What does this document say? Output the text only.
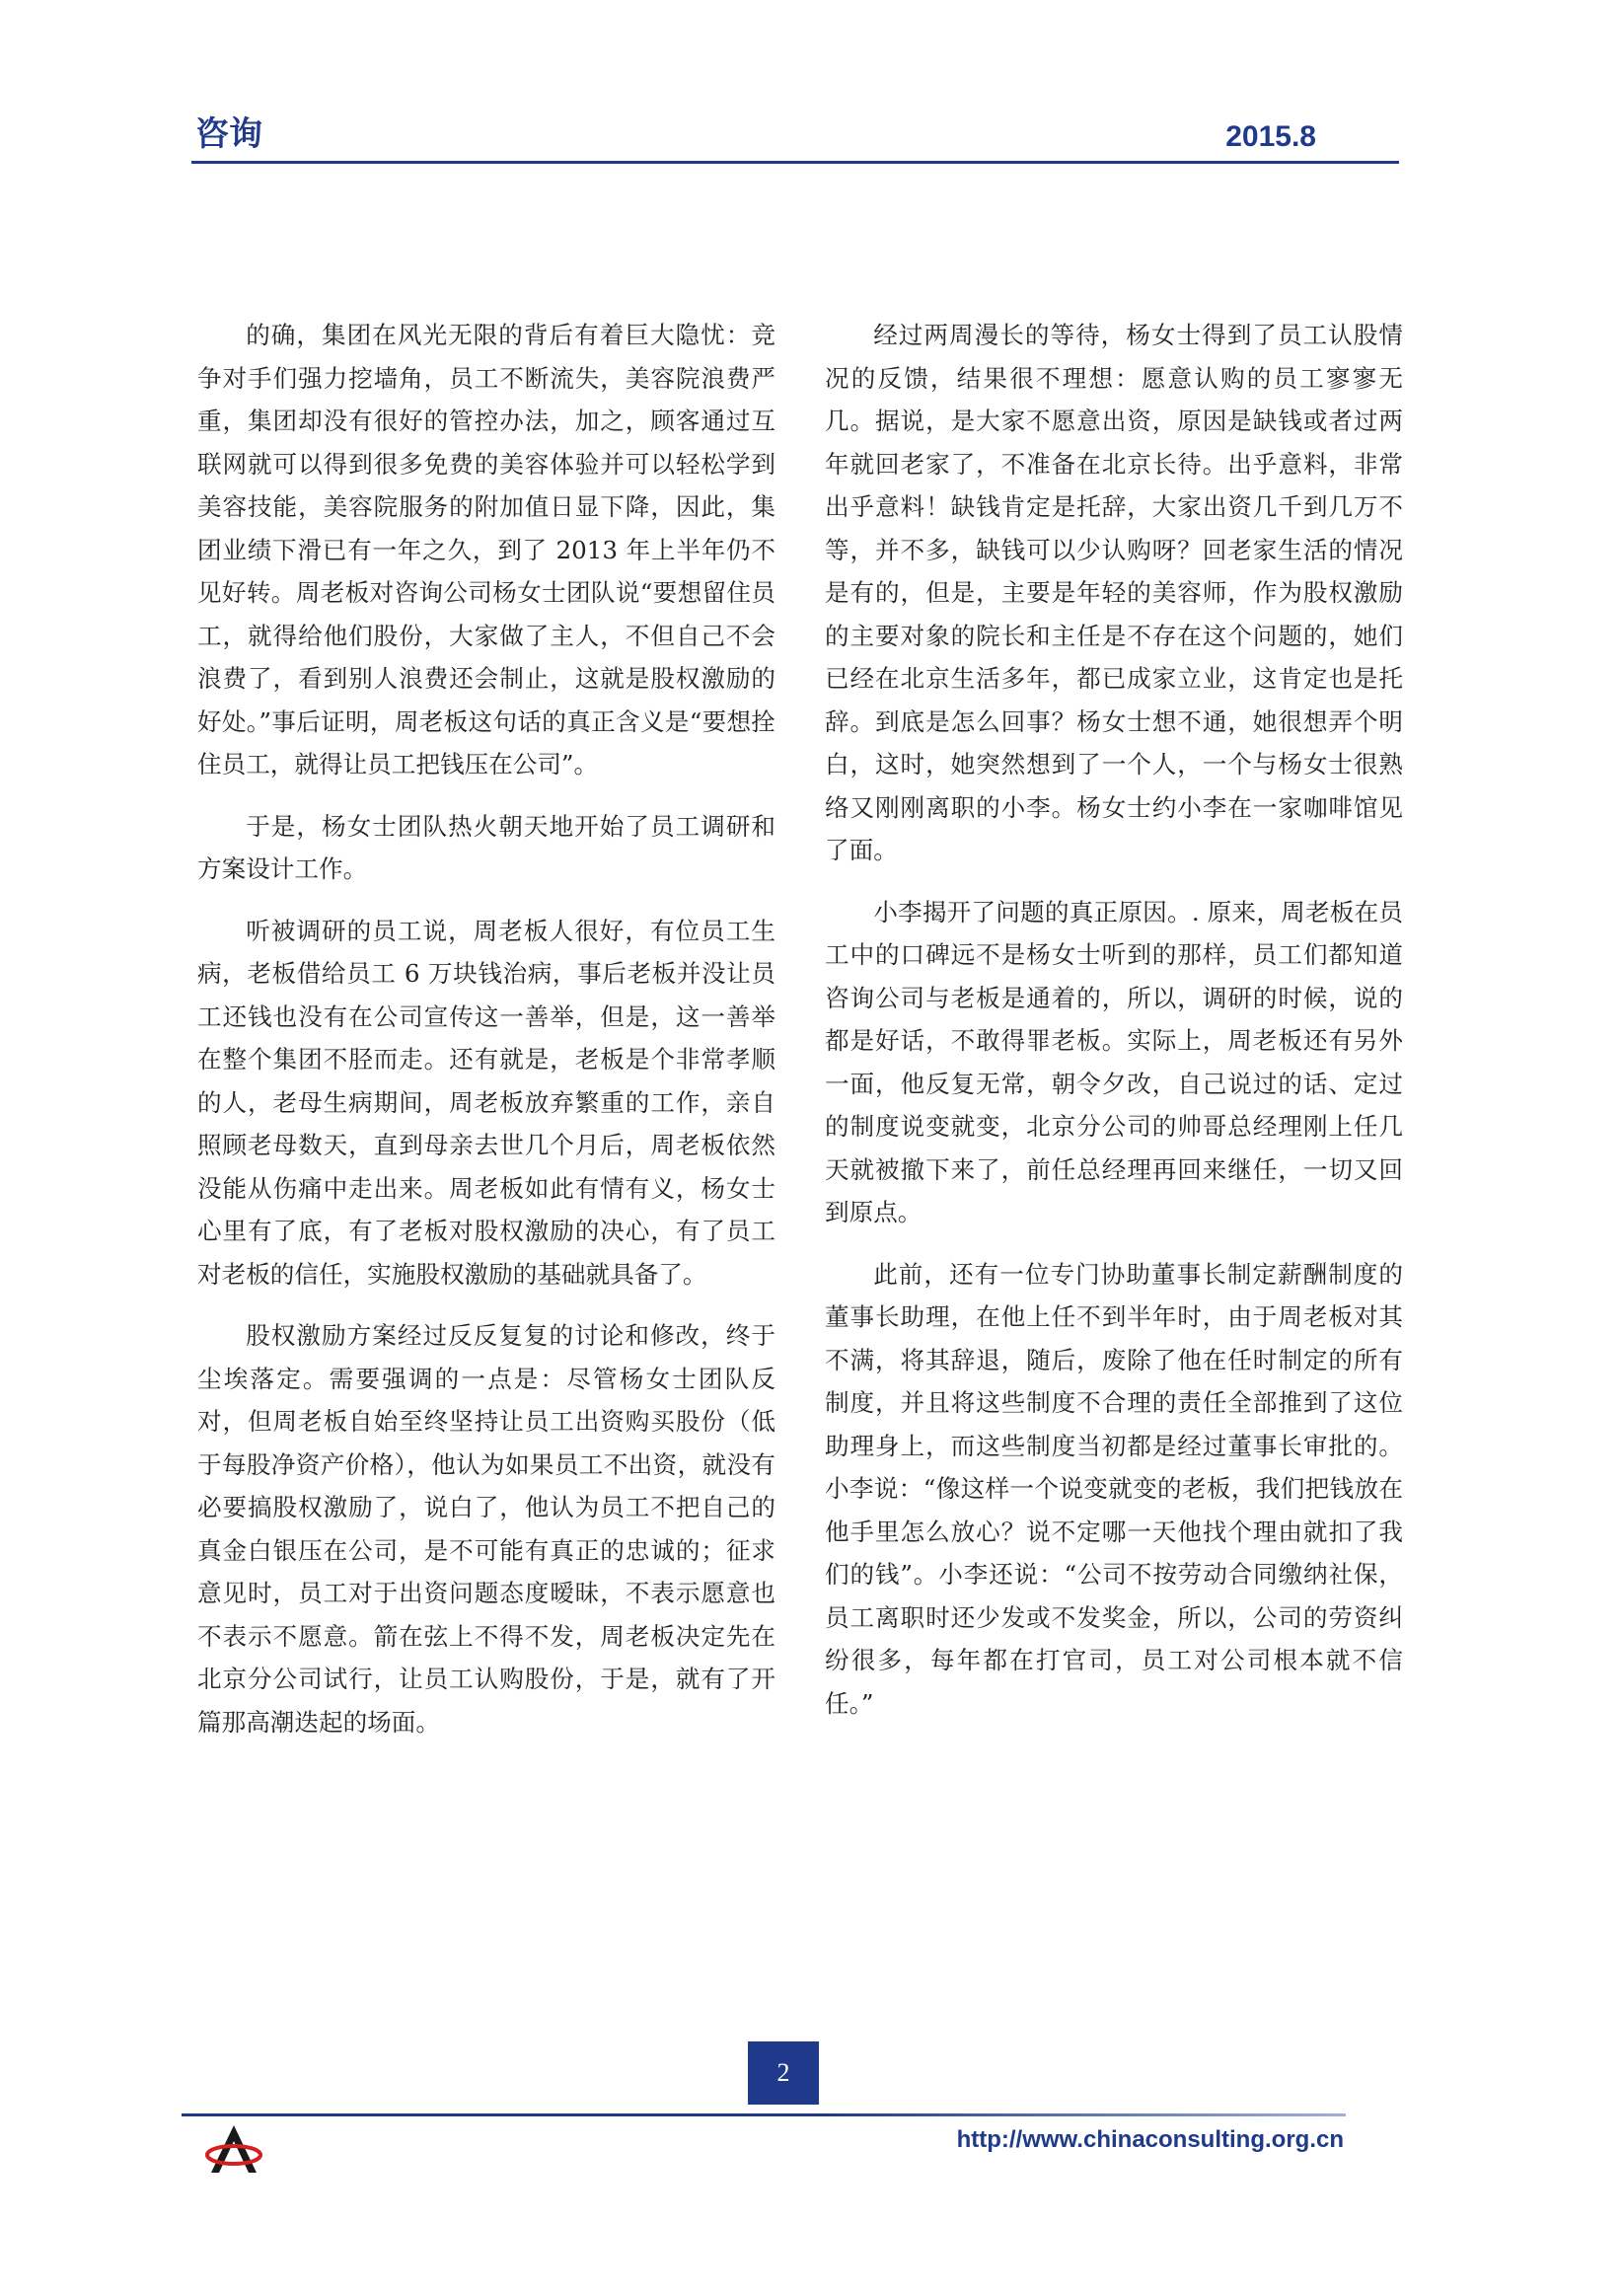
咨询	2015.8

的确，集团在风光无限的背后有着巨大隐忧：竞争对手们强力挖墙角，员工不断流失，美容院浪费严重，集团却没有很好的管控办法，加之，顾客通过互联网就可以得到很多免费的美容体验并可以轻松学到美容技能，美容院服务的附加值日显下降，因此，集团业绩下滑已有一年之久，到了 2013 年上半年仍不见好转。周老板对咨询公司杨女士团队说“要想留住员工，就得给他们股份，大家做了主人，不但自己不会浪费了，看到别人浪费还会制止，这就是股权激励的好处。”事后证明，周老板这句话的真正含义是“要想拴住员工，就得让员工把钱压在公司”。

于是，杨女士团队热火朝天地开始了员工调研和方案设计工作。

听被调研的员工说，周老板人很好，有位员工生病，老板借给员工 6 万块钱治病，事后老板并没让员工还钱也没有在公司宣传这一善举，但是，这一善举在整个集团不胫而走。还有就是，老板是个非常孝顺的人，老母生病期间，周老板放弃繁重的工作，亲自照顾老母数天，直到母亲去世几个月后，周老板依然没能从伤痛中走出来。周老板如此有情有义，杨女士心里有了底，有了老板对股权激励的决心，有了员工对老板的信任，实施股权激励的基础就具备了。

股权激励方案经过反反复复的讨论和修改，终于尘埃落定。需要强调的一点是：尽管杨女士团队反对，但周老板自始至终坚持让员工出资购买股份（低于每股净资产价格），他认为如果员工不出资，就没有必要搞股权激励了，说白了，他认为员工不把自己的真金白银压在公司，是不可能有真正的忠诚的；征求意见时，员工对于出资问题态度暧昧，不表示愿意也不表示不愿意。箭在弦上不得不发，周老板决定先在北京分公司试行，让员工认购股份，于是，就有了开篇那高潮迭起的场面。

经过两周漫长的等待，杨女士得到了员工认股情况的反馈，结果很不理想：愿意认购的员工寥寥无几。据说，是大家不愿意出资，原因是缺钱或者过两年就回老家了，不准备在北京长待。出乎意料，非常出乎意料！缺钱肯定是托辞，大家出资几千到几万不等，并不多，缺钱可以少认购呀？回老家生活的情况是有的，但是，主要是年轻的美容师，作为股权激励的主要对象的院长和主任是不存在这个问题的，她们已经在北京生活多年，都已成家立业，这肯定也是托辞。到底是怎么回事？杨女士想不通，她很想弄个明白，这时，她突然想到了一个人，一个与杨女士很熟络又刚刚离职的小李。杨女士约小李在一家咖啡馆见了面。

小李揭开了问题的真正原因。. 原来，周老板在员工中的口碑远不是杨女士听到的那样，员工们都知道咨询公司与老板是通着的，所以，调研的时候，说的都是好话，不敢得罪老板。实际上，周老板还有另外一面，他反复无常，朝令夕改，自己说过的话、定过的制度说变就变，北京分公司的帅哥总经理刚上任几天就被撤下来了，前任总经理再回来继任，一切又回到原点。

此前，还有一位专门协助董事长制定薪酬制度的董事长助理，在他上任不到半年时，由于周老板对其不满，将其辞退，随后，废除了他在任时制定的所有制度，并且将这些制度不合理的责任全部推到了这位助理身上，而这些制度当初都是经过董事长审批的。小李说：“像这样一个说变就变的老板，我们把钱放在他手里怎么放心？说不定哪一天他找个理由就扣了我们的钱”。小李还说：“公司不按劳动合同缴纳社保，员工离职时还少发或不发奖金，所以，公司的劳资纠纷很多，每年都在打官司，员工对公司根本就不信任。”

2
http://www.chinaconsulting.org.cn
